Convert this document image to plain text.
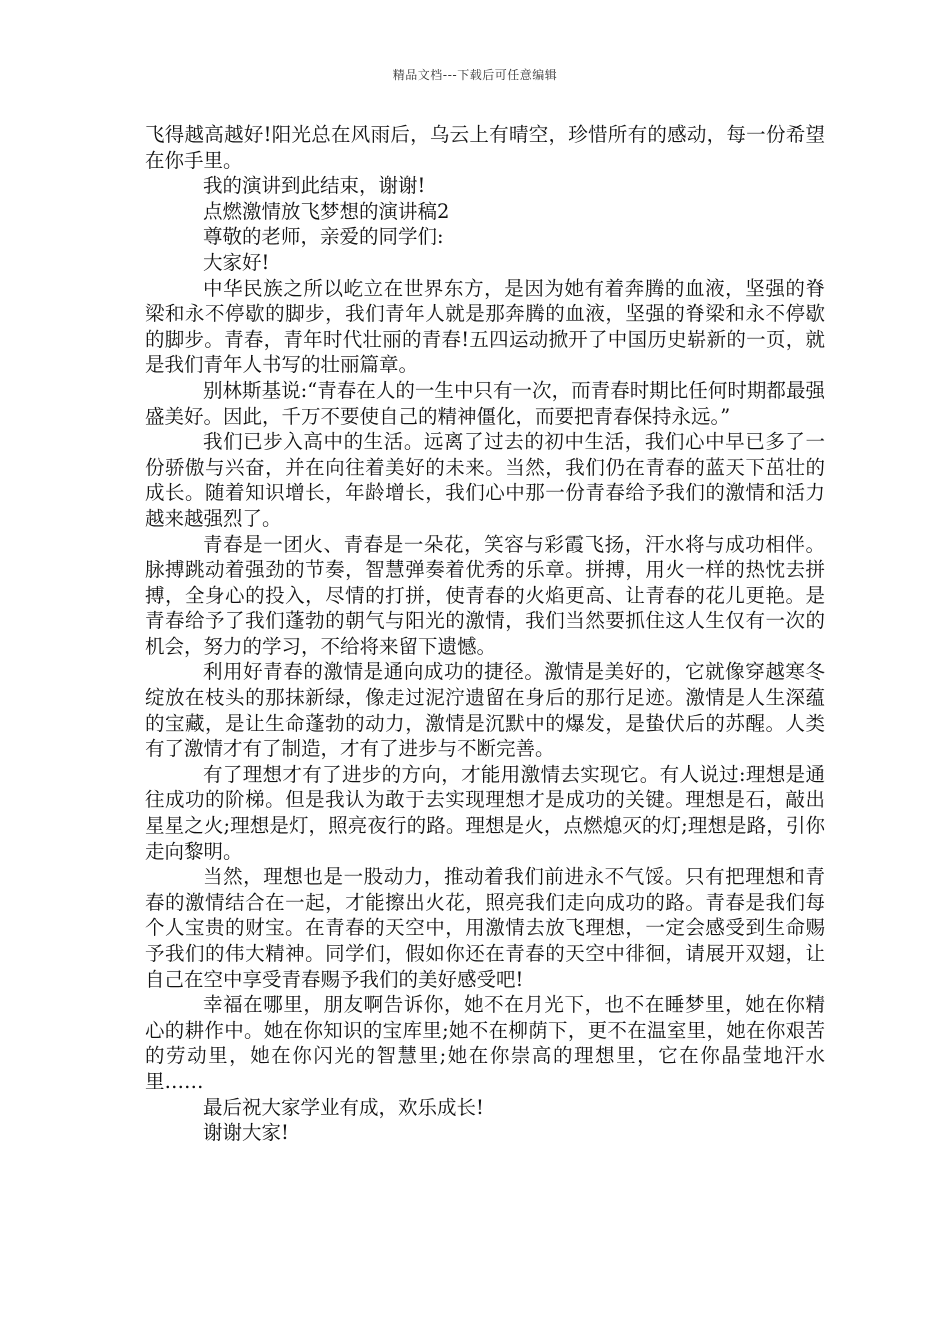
精品文档---下载后可任意编辑

飞得越高越好!阳光总在风雨后，乌云上有晴空，珍惜所有的感动，每一份希望在你手里。

我的演讲到此结束，谢谢!

点燃激情放飞梦想的演讲稿2

尊敬的老师，亲爱的同学们:

大家好!

中华民族之所以屹立在世界东方，是因为她有着奔腾的血液，坚强的脊梁和永不停歇的脚步，我们青年人就是那奔腾的血液，坚强的脊梁和永不停歇的脚步。青春，青年时代壮丽的青春!五四运动掀开了中国历史崭新的一页，就是我们青年人书写的壮丽篇章。

别林斯基说:“青春在人的一生中只有一次，而青春时期比任何时期都最强盛美好。因此，千万不要使自己的精神僵化，而要把青春保持永远。”

我们已步入高中的生活。远离了过去的初中生活，我们心中早已多了一份骄傲与兴奋，并在向往着美好的未来。当然，我们仍在青春的蓝天下茁壮的成长。随着知识增长，年龄增长，我们心中那一份青春给予我们的激情和活力越来越强烈了。

青春是一团火、青春是一朵花，笑容与彩霞飞扬，汗水将与成功相伴。脉搏跳动着强劲的节奏，智慧弹奏着优秀的乐章。拼搏，用火一样的热忱去拼搏，全身心的投入，尽情的打拼，使青春的火焰更高、让青春的花儿更艳。是青春给予了我们蓬勃的朝气与阳光的激情，我们当然要抓住这人生仅有一次的机会，努力的学习，不给将来留下遗憾。

利用好青春的激情是通向成功的捷径。激情是美好的，它就像穿越寒冬绽放在枝头的那抹新绿，像走过泥泞遗留在身后的那行足迹。激情是人生深蕴的宝藏，是让生命蓬勃的动力，激情是沉默中的爆发，是蛰伏后的苏醒。人类有了激情才有了制造，才有了进步与不断完善。

有了理想才有了进步的方向，才能用激情去实现它。有人说过:理想是通往成功的阶梯。但是我认为敢于去实现理想才是成功的关键。理想是石，敲出星星之火;理想是灯，照亮夜行的路。理想是火，点燃熄灭的灯;理想是路，引你走向黎明。

当然，理想也是一股动力，推动着我们前进永不气馁。只有把理想和青春的激情结合在一起，才能擦出火花，照亮我们走向成功的路。青春是我们每个人宝贵的财宝。在青春的天空中，用激情去放飞理想，一定会感受到生命赐予我们的伟大精神。同学们，假如你还在青春的天空中徘徊，请展开双翅，让自己在空中享受青春赐予我们的美好感受吧!

幸福在哪里，朋友啊告诉你，她不在月光下，也不在睡梦里，她在你精心的耕作中。她在你知识的宝库里;她不在柳荫下，更不在温室里，她在你艰苦的劳动里，她在你闪光的智慧里;她在你崇高的理想里，它在你晶莹地汗水里……

最后祝大家学业有成，欢乐成长!

谢谢大家!
